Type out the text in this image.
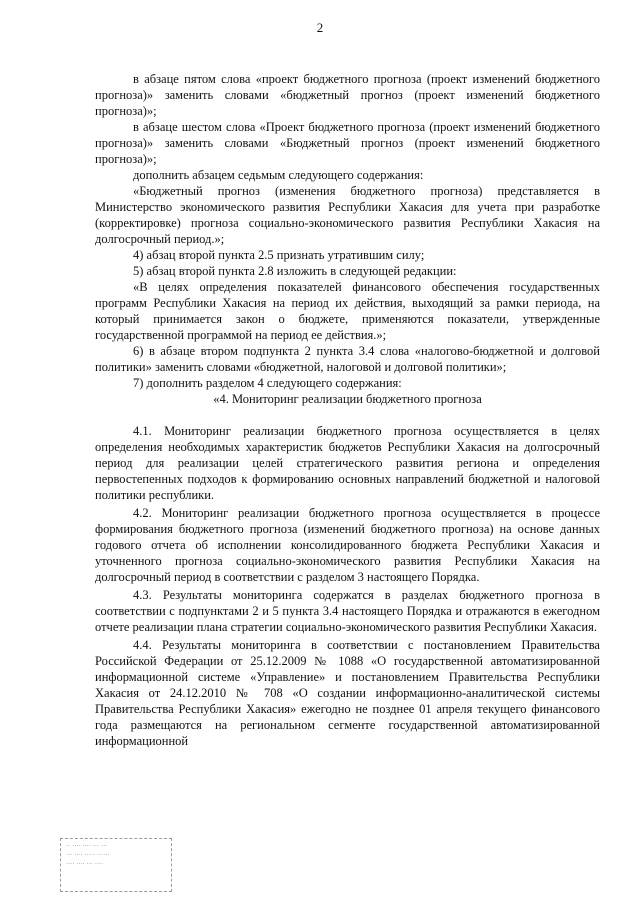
2

в абзаце пятом слова «проект бюджетного прогноза (проект изменений бюджетного прогноза)» заменить словами «бюджетный прогноз (проект изменений бюджетного прогноза)»;

в абзаце шестом слова «Проект бюджетного прогноза (проект изменений бюджетного прогноза)» заменить словами «Бюджетный прогноз (проект изменений бюджетного прогноза)»;

дополнить абзацем седьмым следующего содержания:

«Бюджетный прогноз (изменения бюджетного прогноза) представляется в Министерство экономического развития Республики Хакасия для учета при разработке (корректировке) прогноза социально-экономического развития Республики Хакасия на долгосрочный период.»;

4) абзац второй пункта 2.5 признать утратившим силу;

5) абзац второй пункта 2.8 изложить в следующей редакции:

«В целях определения показателей финансового обеспечения государственных программ Республики Хакасия на период их действия, выходящий за рамки периода, на который принимается закон о бюджете, применяются показатели, утвержденные государственной программой на период ее действия.»;

6) в абзаце втором подпункта 2 пункта 3.4 слова «налогово-бюджетной и долговой политики» заменить словами «бюджетной, налоговой и долговой политики»;

7) дополнить разделом 4 следующего содержания:

«4. Мониторинг реализации бюджетного прогноза

4.1. Мониторинг реализации бюджетного прогноза осуществляется в целях определения необходимых характеристик бюджетов Республики Хакасия на долгосрочный период для реализации целей стратегического развития региона и определения первостепенных подходов к формированию основных направлений бюджетной и налоговой политики республики.

4.2. Мониторинг реализации бюджетного прогноза осуществляется в процессе формирования бюджетного прогноза (изменений бюджетного прогноза) на основе данных годового отчета об исполнении консолидированного бюджета Республики Хакасия и уточненного прогноза социально-экономического развития Республики Хакасия на долгосрочный период в соответствии с разделом 3 настоящего Порядка.

4.3. Результаты мониторинга содержатся в разделах бюджетного прогноза в соответствии с подпунктами 2 и 5 пункта 3.4 настоящего Порядка и отражаются в ежегодном отчете реализации плана стратегии социально-экономического развития Республики Хакасия.

4.4. Результаты мониторинга в соответствии с постановлением Правительства Российской Федерации от 25.12.2009 № 1088 «О государственной автоматизированной информационной системе «Управление» и постановлением Правительства Республики Хакасия от 24.12.2010 № 708 «О создании информационно-аналитической системы Правительства Республики Хакасия» ежегодно не позднее 01 апреля текущего финансового года размещаются на региональном сегменте государственной автоматизированной информационной

·· ···· ···· ··· ···
··· ···· ····· ······
···· ···· ··· ····
